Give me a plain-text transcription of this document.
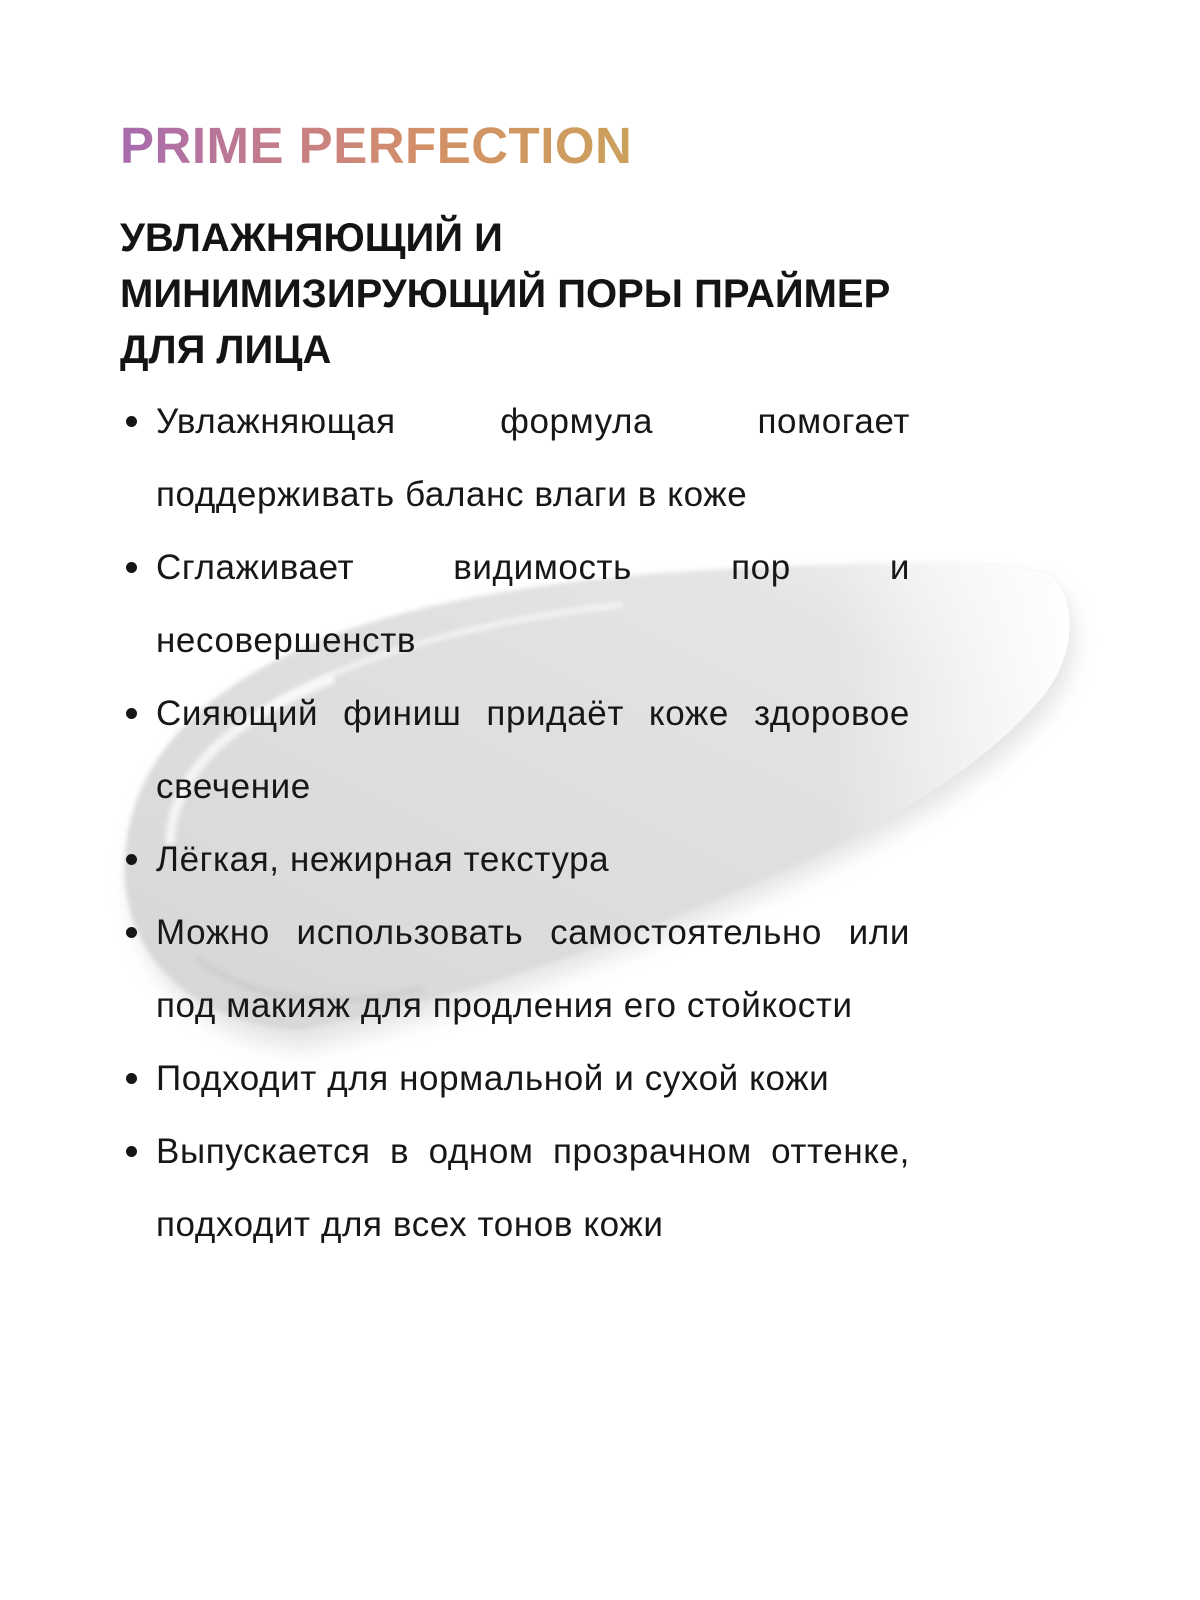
PRIME PERFECTION
УВЛАЖНЯЮЩИЙ И
МИНИМИЗИРУЮЩИЙ ПОРЫ ПРАЙМЕР
ДЛЯ ЛИЦА
Увлажняющая формула помогает поддерживать баланс влаги в коже
Сглаживает видимость пор и несовершенств
Сияющий финиш придаёт коже здоровое свечение
Лёгкая, нежирная текстура
Можно использовать самостоятельно или под макияж для продления его стойкости
Подходит для нормальной и сухой кожи
Выпускается в одном прозрачном оттенке, подходит для всех тонов кожи
